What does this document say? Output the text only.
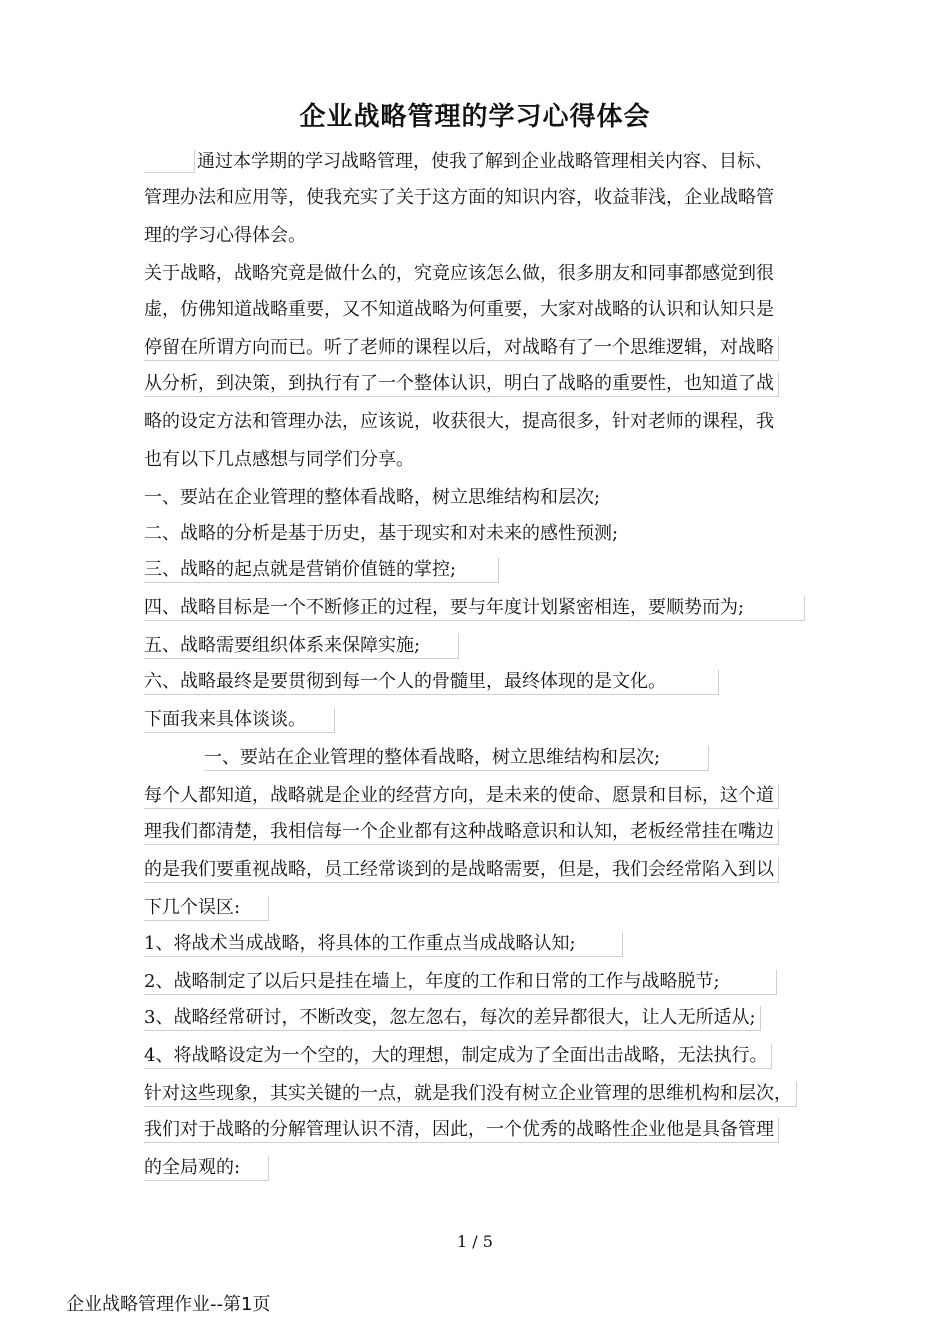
企业战略管理的学习心得体会
通过本学期的学习战略管理，使我了解到企业战略管理相关内容、目标、
管理办法和应用等，使我充实了关于这方面的知识内容，收益菲浅，企业战略管
理的学习心得体会。
关于战略，战略究竟是做什么的，究竟应该怎么做，很多朋友和同事都感觉到很
虚，仿佛知道战略重要，又不知道战略为何重要，大家对战略的认识和认知只是
停留在所谓方向而已。听了老师的课程以后，对战略有了一个思维逻辑，对战略
从分析，到决策，到执行有了一个整体认识，明白了战略的重要性，也知道了战
略的设定方法和管理办法，应该说，收获很大，提高很多，针对老师的课程，我
也有以下几点感想与同学们分享。
一、要站在企业管理的整体看战略，树立思维结构和层次;
二、战略的分析是基于历史，基于现实和对未来的感性预测;
三、战略的起点就是营销价值链的掌控;
四、战略目标是一个不断修正的过程，要与年度计划紧密相连，要顺势而为;
五、战略需要组织体系来保障实施;
六、战略最终是要贯彻到每一个人的骨髓里，最终体现的是文化。
下面我来具体谈谈。
一、要站在企业管理的整体看战略，树立思维结构和层次;
每个人都知道，战略就是企业的经营方向，是未来的使命、愿景和目标，这个道
理我们都清楚，我相信每一个企业都有这种战略意识和认知，老板经常挂在嘴边
的是我们要重视战略，员工经常谈到的是战略需要，但是，我们会经常陷入到以
下几个误区:
1、将战术当成战略，将具体的工作重点当成战略认知;
2、战略制定了以后只是挂在墙上，年度的工作和日常的工作与战略脱节;
3、战略经常研讨，不断改变，忽左忽右，每次的差异都很大，让人无所适从;
4、将战略设定为一个空的，大的理想，制定成为了全面出击战略，无法执行。
针对这些现象，其实关键的一点，就是我们没有树立企业管理的思维机构和层次，
我们对于战略的分解管理认识不清，因此，一个优秀的战略性企业他是具备管理
的全局观的:
1 / 5
企业战略管理作业--第1页
